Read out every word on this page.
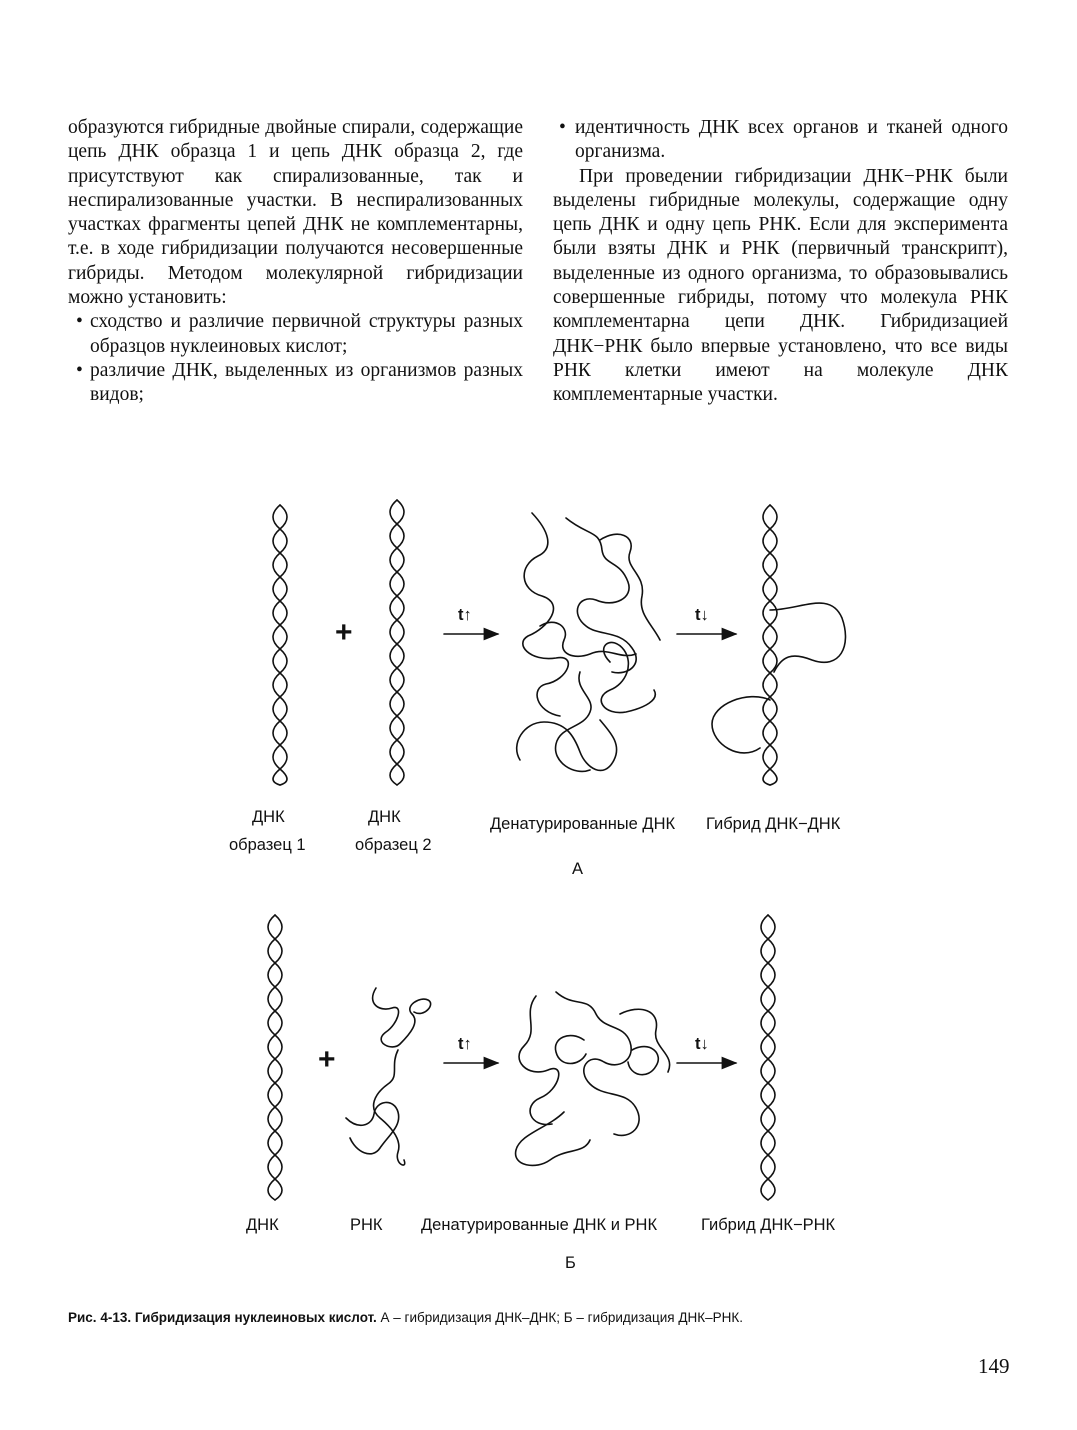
образуются гибридные двойные спирали, содержащие цепь ДНК образца 1 и цепь ДНК образца 2, где присутствуют как спирализованные, так и неспирализованные участки. В неспирализованных участках фрагменты цепей ДНК не комплементарны, т.е. в ходе гибридизации получаются несовершенные гибриды. Методом молекулярной гибридизации можно установить:

• сходство и различие первичной структуры разных образцов нуклеиновых кислот;
• различие ДНК, выделенных из организмов разных видов;
• идентичность ДНК всех органов и тканей одного организма.

При проведении гибридизации ДНК−РНК были выделены гибридные молекулы, содержащие одну цепь ДНК и одну цепь РНК. Если для эксперимента были взяты ДНК и РНК (первичный транскрипт), выделенные из одного организма, то образовывались совершенные гибриды, потому что молекула РНК комплементарна цепи ДНК. Гибридизацией ДНК−РНК было впервые установлено, что все виды РНК клетки имеют на молекуле ДНК комплементарные участки.

+
t↑	t↓
ДНК
образец 1
ДНК
образец 2
Денатурированные ДНК Гибрид ДНК−ДНК
А
+	t↑	t↓
ДНК	РНК Денатурированные ДНК и РНК	Гибрид ДНК−РНК
Б
Рис. 4-13. Гибридизация нуклеиновых кислот. А – гибридизация ДНК–ДНК; Б – гибридизация ДНК–РНК.
149
